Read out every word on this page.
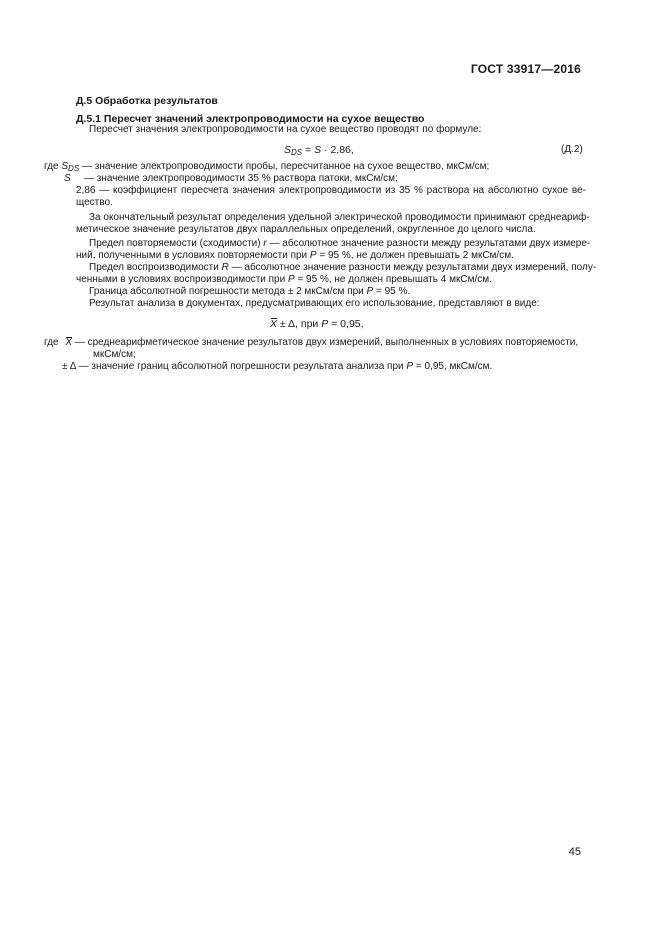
ГОСТ 33917—2016
Д.5 Обработка результатов
Д.5.1 Пересчет значений электропроводимости на сухое вещество
Пересчет значения электропроводимости на сухое вещество проводят по формуле:
$S_{DS} = S \cdot 2,86$,	(Д.2)
где $S_{DS}$ — значение электропроводимости пробы, пересчитанное на сухое вещество, мкСм/см;
S — значение электропроводимости 35 % раствора патоки, мкСм/см;
2,86 — коэффициент пересчета значения электропроводимости из 35 % раствора на абсолютно сухое ве-
щество.
За окончательный результат определения удельной электрической проводимости принимают среднеариф-
метическое значение результатов двух параллельных определений, округленное до целого числа.
Предел повторяемости (сходимости) r — абсолютное значение разности между результатами двух измере-
ний, полученными в условиях повторяемости при P = 95 %, не должен превышать 2 мкСм/см.
Предел воспроизводимости R — абсолютное значение разности между результатами двух измерений, полу-
ченными в условиях воспроизводимости при P = 95 %, не должен превышать 4 мкСм/см.
Граница абсолютной погрешности метода ± 2 мкСм/см при P = 95 %.
Результат анализа в документах, предусматривающих его использование, представляют в виде:
X ± Δ, при P = 0,95,
где X — среднеарифметическое значение результатов двух измерений, выполненных в условиях повторяемости,
мкСм/см;
± Δ — значение границ абсолютной погрешности результата анализа при P = 0,95, мкСм/см.
45
